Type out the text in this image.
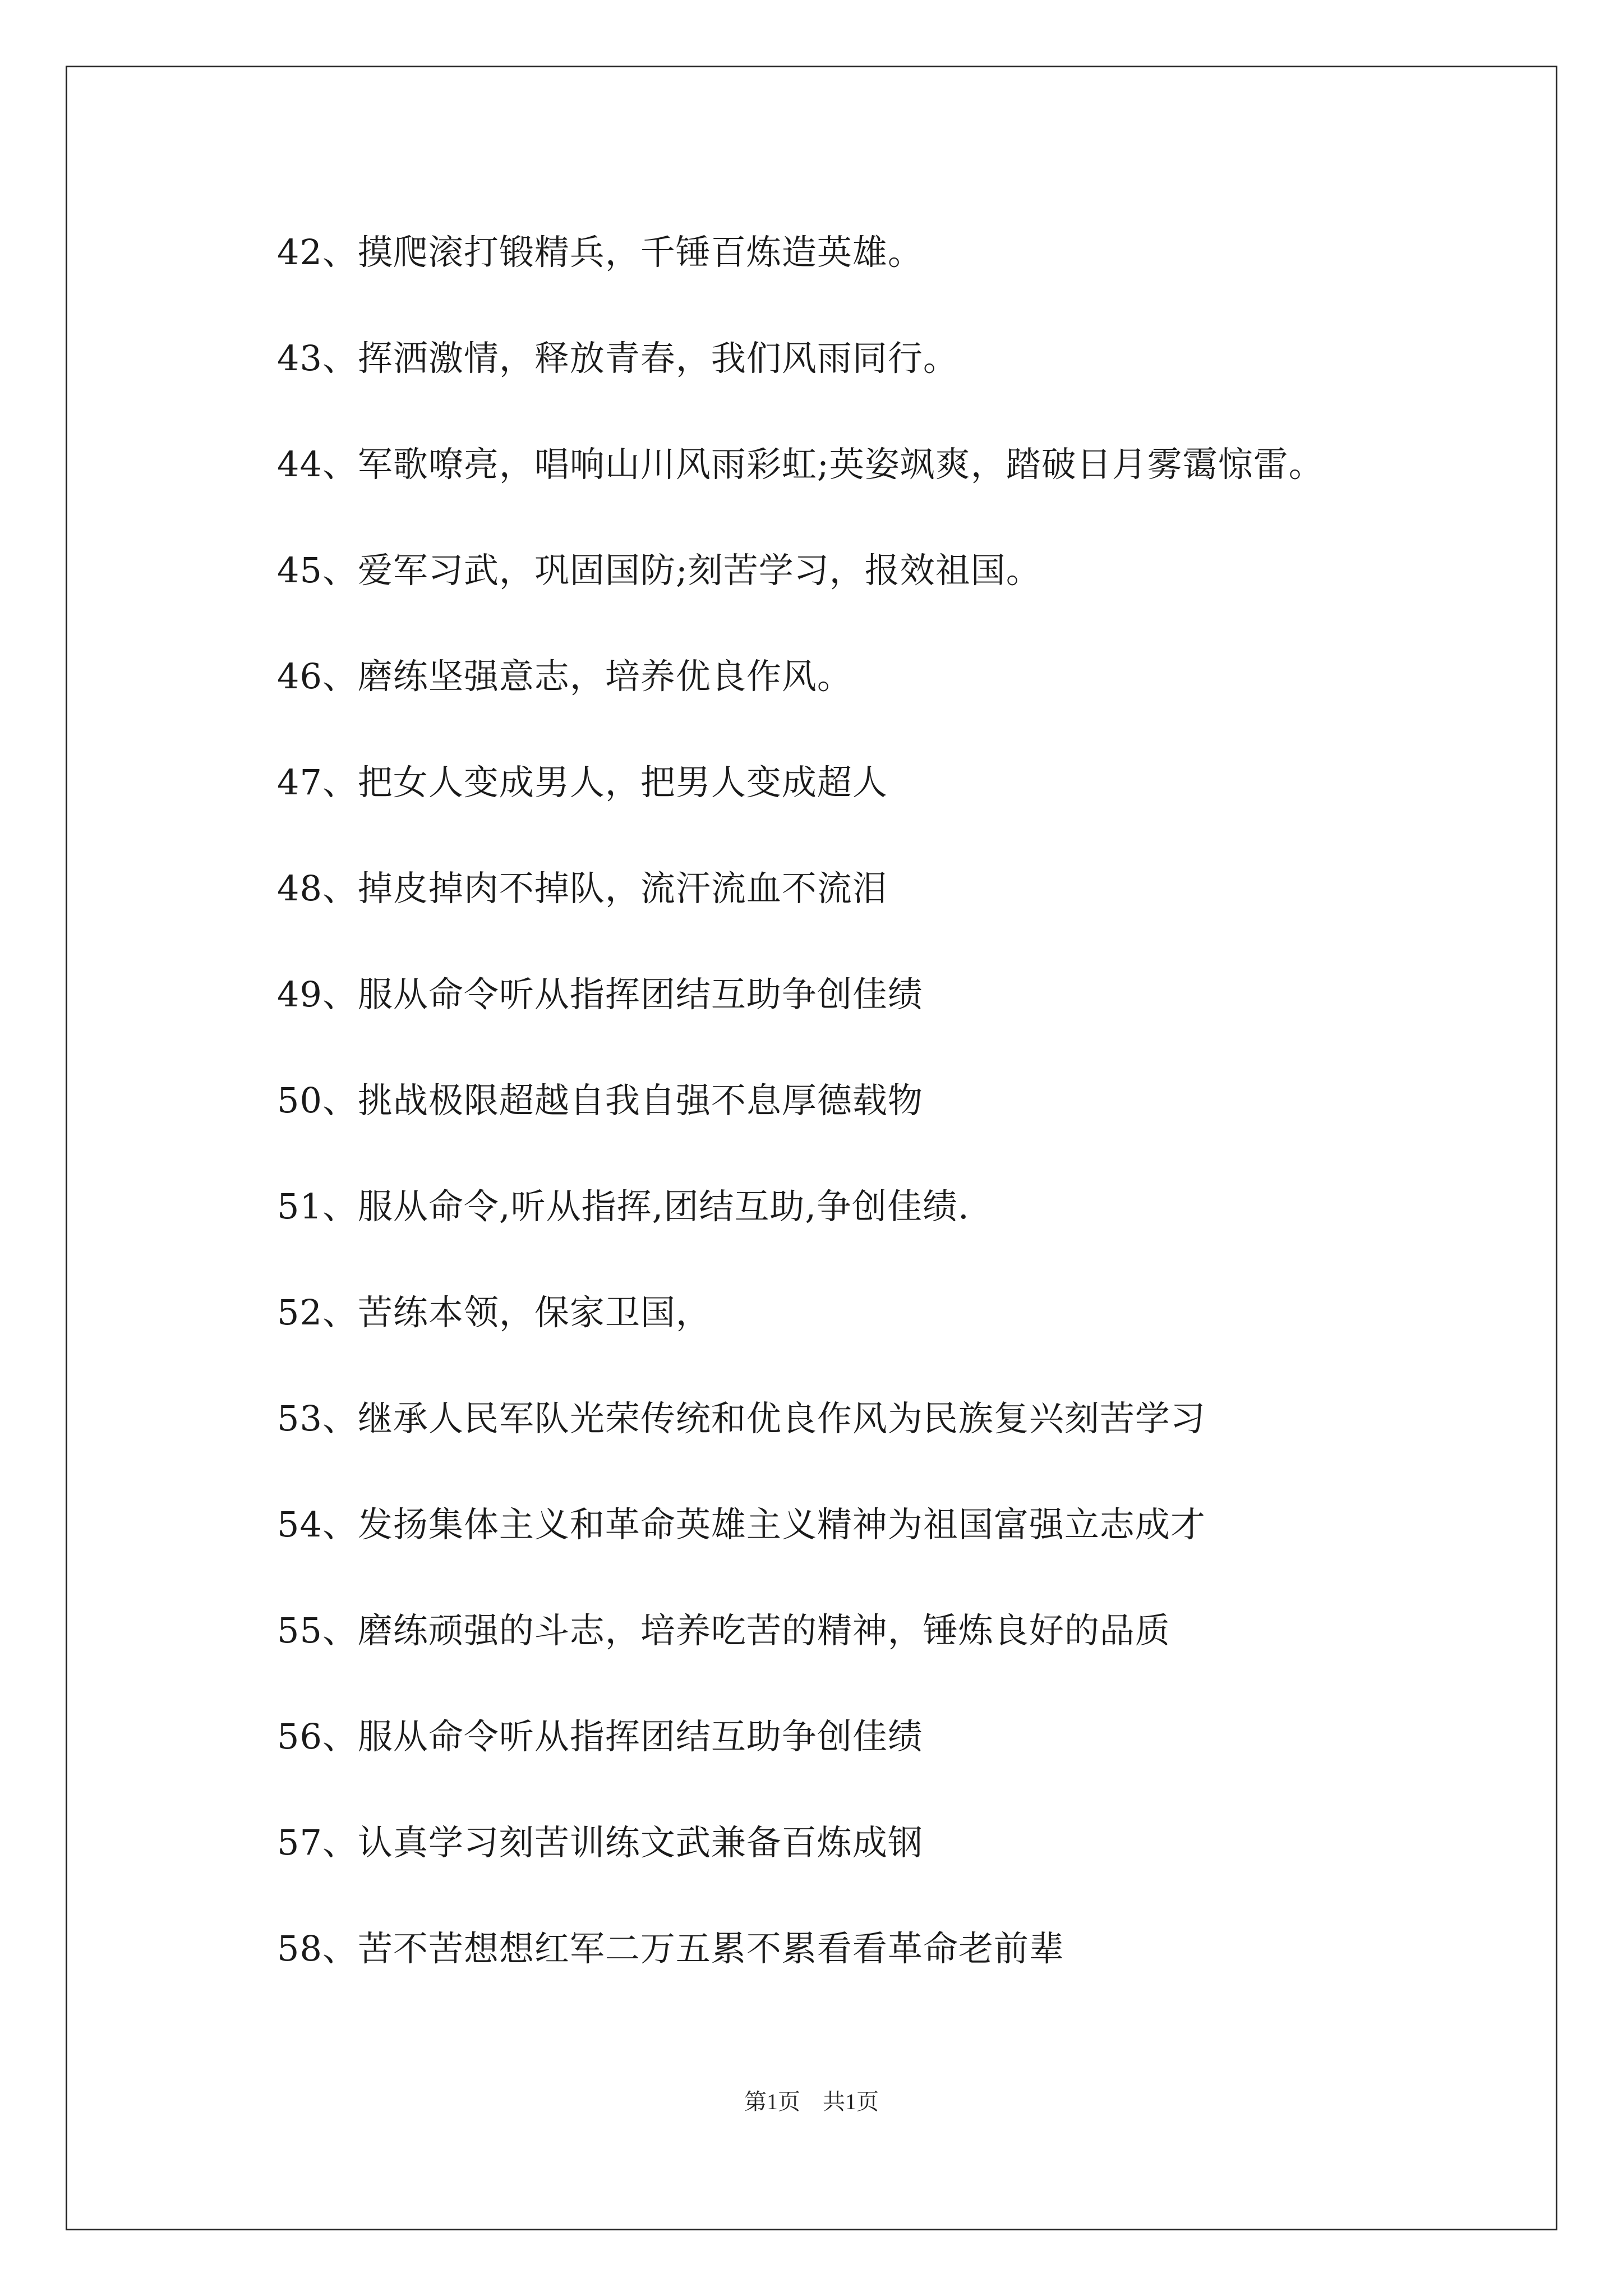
42、摸爬滚打锻精兵，千锤百炼造英雄。
43、挥洒激情，释放青春，我们风雨同行。
44、军歌嘹亮，唱响山川风雨彩虹;英姿飒爽，踏破日月雾霭惊雷。
45、爱军习武，巩固国防;刻苦学习，报效祖国。
46、磨练坚强意志，培养优良作风。
47、把女人变成男人，把男人变成超人
48、掉皮掉肉不掉队，流汗流血不流泪
49、服从命令听从指挥团结互助争创佳绩
50、挑战极限超越自我自强不息厚德载物
51、服从命令,听从指挥,团结互助,争创佳绩.
52、苦练本领，保家卫国，
53、继承人民军队光荣传统和优良作风为民族复兴刻苦学习
54、发扬集体主义和革命英雄主义精神为祖国富强立志成才
55、磨练顽强的斗志，培养吃苦的精神，锤炼良好的品质
56、服从命令听从指挥团结互助争创佳绩
57、认真学习刻苦训练文武兼备百炼成钢
58、苦不苦想想红军二万五累不累看看革命老前辈
第1页 共1页
